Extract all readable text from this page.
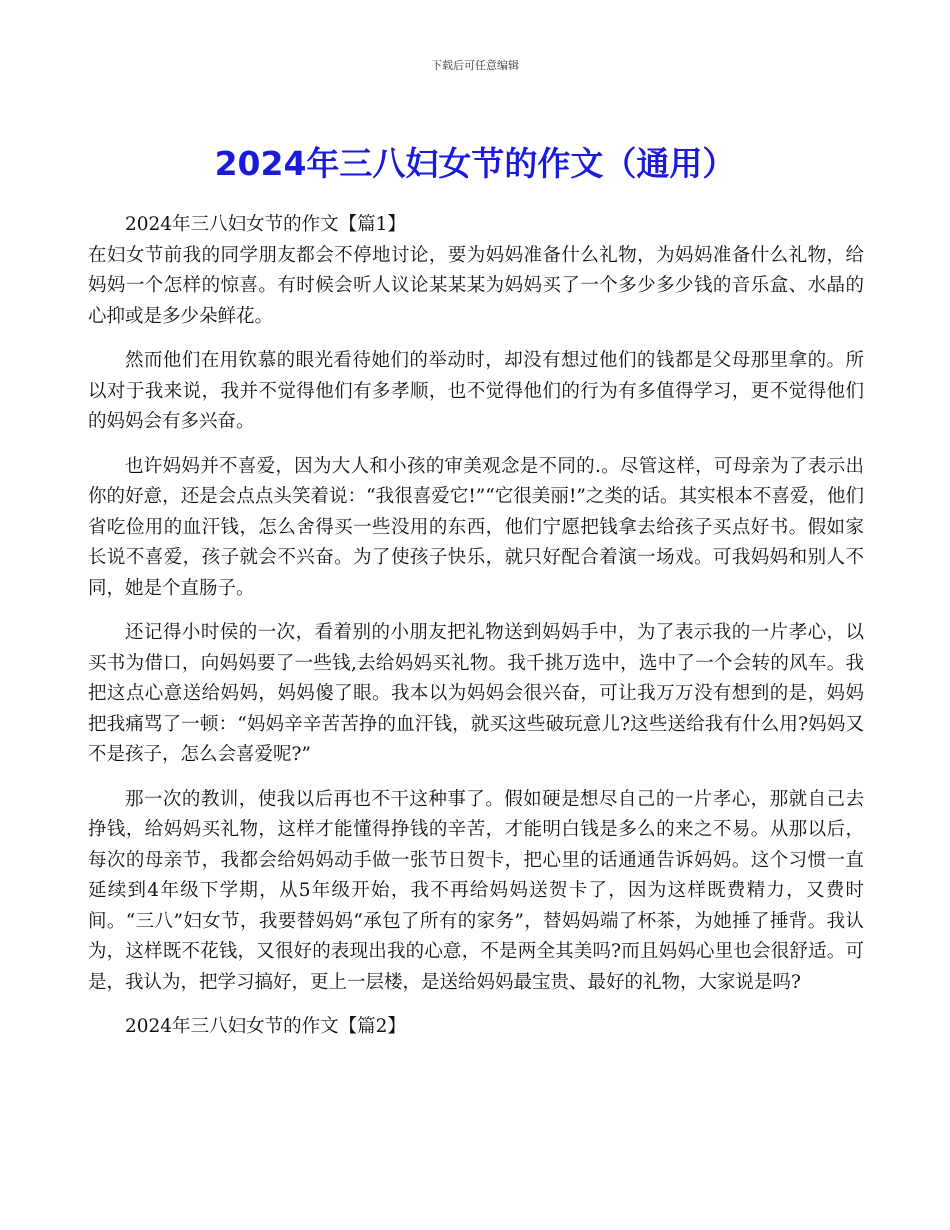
下载后可任意编辑
2024年三八妇女节的作文（通用）

2024年三八妇女节的作文【篇1】

在妇女节前我的同学朋友都会不停地讨论，要为妈妈准备什么礼物，为妈妈准备什么礼物，给妈妈一个怎样的惊喜。有时候会听人议论某某某为妈妈买了一个多少多少钱的音乐盒、水晶的心抑或是多少朵鲜花。

然而他们在用钦慕的眼光看待她们的举动时，却没有想过他们的钱都是父母那里拿的。所以对于我来说，我并不觉得他们有多孝顺，也不觉得他们的行为有多值得学习，更不觉得他们的妈妈会有多兴奋。

也许妈妈并不喜爱，因为大人和小孩的审美观念是不同的.。尽管这样，可母亲为了表示出你的好意，还是会点点头笑着说：“我很喜爱它!”“它很美丽!”之类的话。其实根本不喜爱，他们省吃俭用的血汗钱，怎么舍得买一些没用的东西，他们宁愿把钱拿去给孩子买点好书。假如家长说不喜爱，孩子就会不兴奋。为了使孩子快乐，就只好配合着演一场戏。可我妈妈和别人不同，她是个直肠子。

还记得小时侯的一次，看着别的小朋友把礼物送到妈妈手中，为了表示我的一片孝心，以买书为借口，向妈妈要了一些钱,去给妈妈买礼物。我千挑万选中，选中了一个会转的风车。我把这点心意送给妈妈，妈妈傻了眼。我本以为妈妈会很兴奋，可让我万万没有想到的是，妈妈把我痛骂了一顿：“妈妈辛辛苦苦挣的血汗钱，就买这些破玩意儿?这些送给我有什么用?妈妈又不是孩子，怎么会喜爱呢?”

那一次的教训，使我以后再也不干这种事了。假如硬是想尽自己的一片孝心，那就自己去挣钱，给妈妈买礼物，这样才能懂得挣钱的辛苦，才能明白钱是多么的来之不易。从那以后，每次的母亲节，我都会给妈妈动手做一张节日贺卡，把心里的话通通告诉妈妈。这个习惯一直延续到4年级下学期，从5年级开始，我不再给妈妈送贺卡了，因为这样既费精力，又费时间。“三八”妇女节，我要替妈妈“承包了所有的家务”，替妈妈端了杯茶，为她捶了捶背。我认为，这样既不花钱，又很好的表现出我的心意，不是两全其美吗?而且妈妈心里也会很舒适。可是，我认为，把学习搞好，更上一层楼，是送给妈妈最宝贵、最好的礼物，大家说是吗?

2024年三八妇女节的作文【篇2】
